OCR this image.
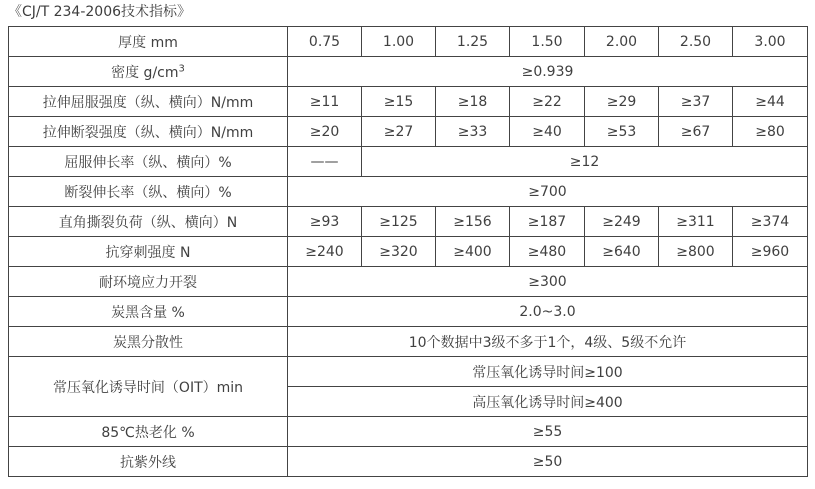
《CJ/T 234-2006技术指标》

厚度 mm	0.75	1.00	1.25	1.50	2.00	2.50	3.00
密度 $g/cm^3$	≥0.939						
拉伸屈服强度（纵、横向）N/mm	≥11	≥15	≥18	≥22	≥29	≥37	≥44
拉伸断裂强度（纵、横向）N/mm	≥20	≥27	≥33	≥40	≥53	≥67	≥80
屈服伸长率（纵、横向）%	——	≥12					
断裂伸长率（纵、横向）%	≥700						
直角撕裂负荷（纵、横向）N	≥93	≥125	≥156	≥187	≥249	≥311	≥374
抗穿刺强度 N	≥240	≥320	≥400	≥480	≥640	≥800	≥960
耐环境应力开裂	≥300						
炭黑含量 %	2.0~3.0						
炭黑分散性	10个数据中3级不多于1个，4级、5级不允许						
常压氧化诱导时间（OIT）min	常压氧化诱导时间≥100						
	高压氧化诱导时间≥400						
85℃热老化 %	≥55						
抗紫外线	≥50						
